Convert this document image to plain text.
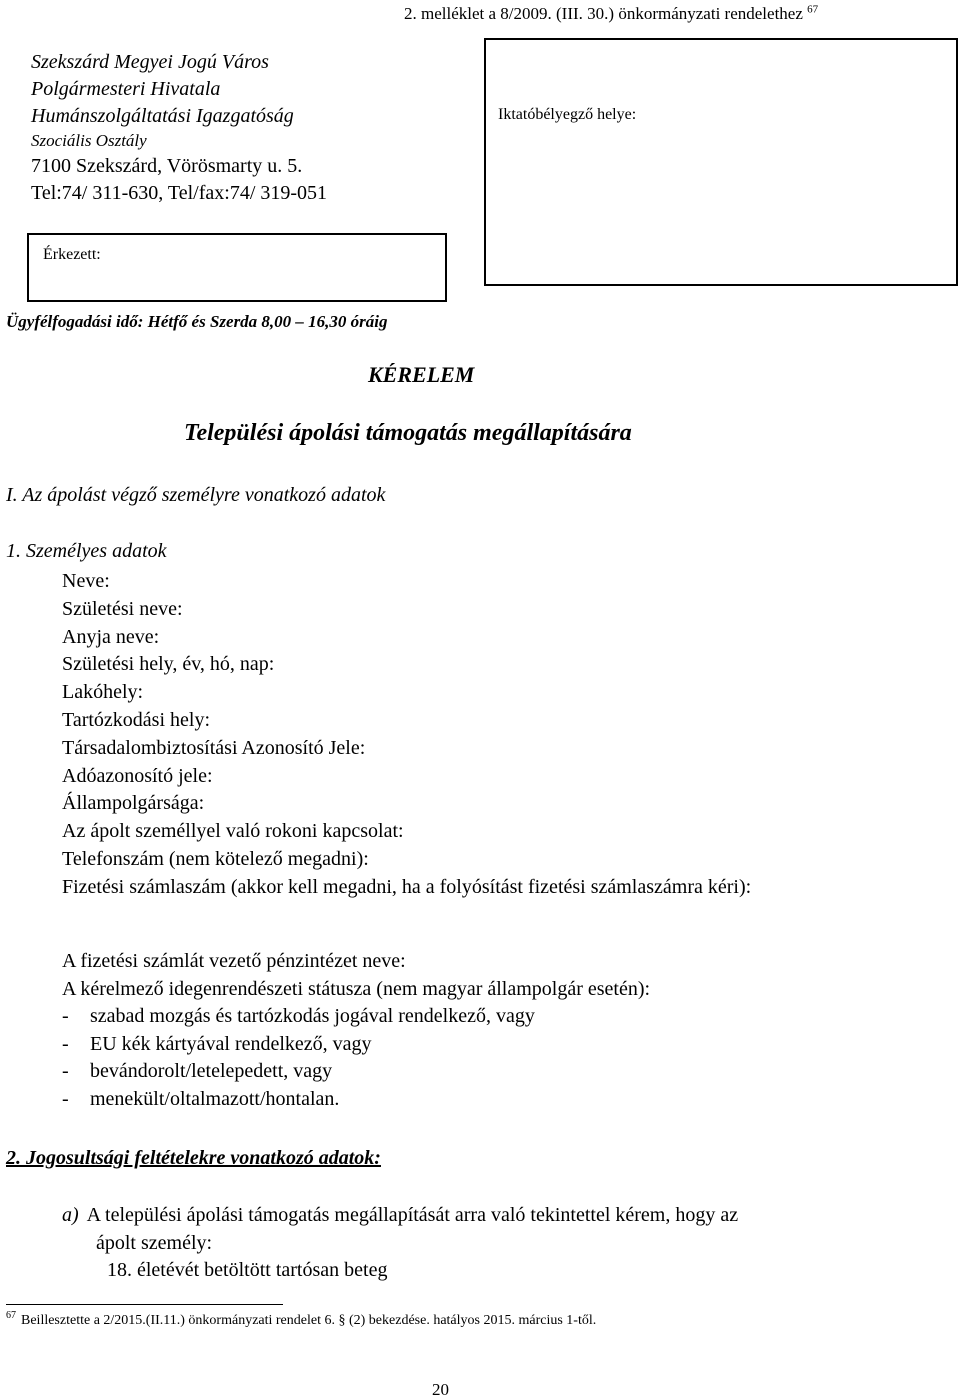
2. melléklet a 8/2009. (III. 30.) önkormányzati rendelethez $^{67}$
Szekszárd Megyei Jogú Város
Polgármesteri Hivatala
Humánszolgáltatási Igazgatóság
Szociális Osztály
7100 Szekszárd, Vörösmarty u. 5.
Tel:74/ 311-630, Tel/fax:74/ 319-051
Iktatóbélyegző helye:
Érkezett:
Ügyfélfogadási idő: Hétfő és Szerda 8,00 – 16,30 óráig
KÉRELEM
Települési ápolási támogatás megállapítására
I. Az ápolást végző személyre vonatkozó adatok
1. Személyes adatok
Neve:
Születési neve:
Anyja neve:
Születési hely, év, hó, nap:
Lakóhely:
Tartózkodási hely:
Társadalombiztosítási Azonosító Jele:
Adóazonosító jele:
Állampolgársága:
Az ápolt személlyel való rokoni kapcsolat:
Telefonszám (nem kötelező megadni):
Fizetési számlaszám (akkor kell megadni, ha a folyósítást fizetési számlaszámra kéri):
A fizetési számlát vezető pénzintézet neve:
A kérelmező idegenrendészeti státusza (nem magyar állampolgár esetén):
- szabad mozgás és tartózkodás jogával rendelkező, vagy
- EU kék kártyával rendelkező, vagy
- bevándorolt/letelepedett, vagy
- menekült/oltalmazott/hontalan.
2. Jogosultsági feltételekre vonatkozó adatok:
a) A települési ápolási támogatás megállapítását arra való tekintettel kérem, hogy az
ápolt személy:
18. életévét betöltött tartósan beteg
$^{67}$ Beillesztette a 2/2015.(II.11.) önkormányzati rendelet 6. § (2) bekezdése. hatályos 2015. március 1-től.
20
